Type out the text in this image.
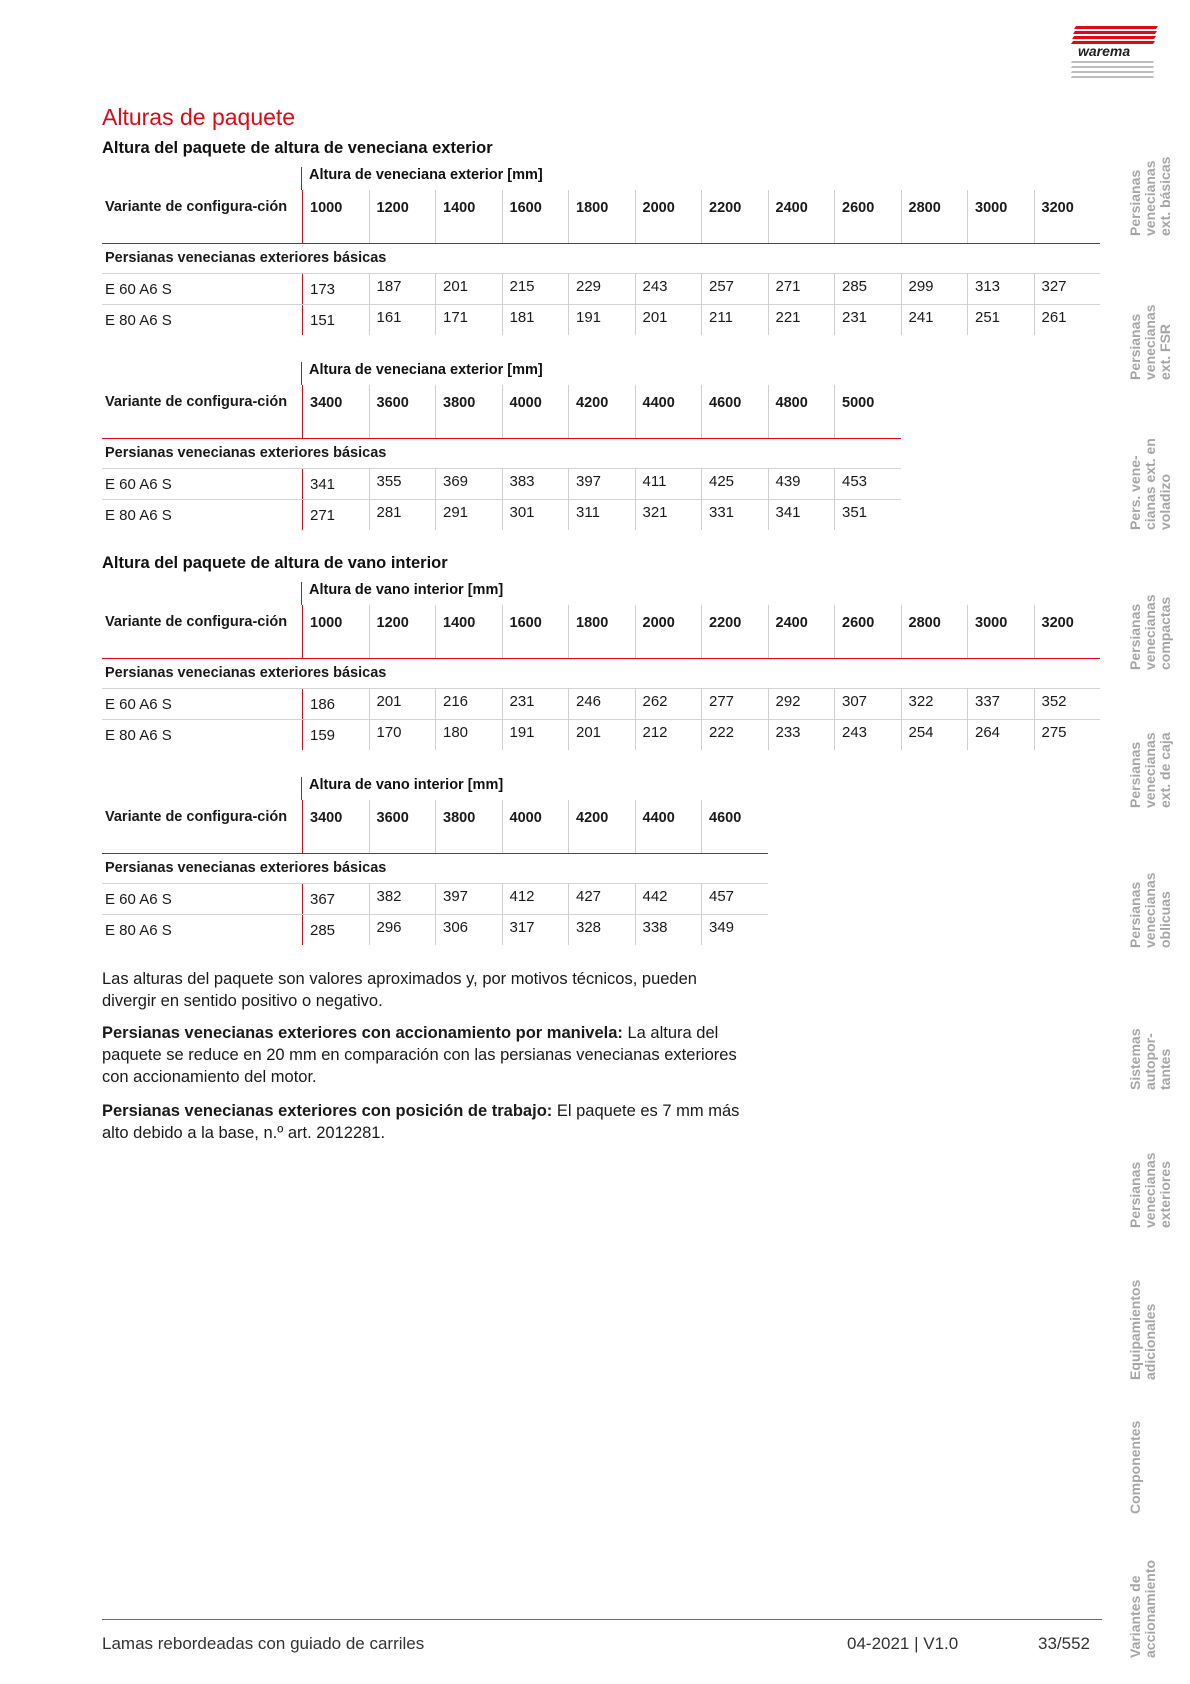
warema
Alturas de paquete
Altura del paquete de altura de veneciana exterior
Altura de veneciana exterior [mm]
Variante de configura-ción	1000	1200	1400	1600	1800	2000	2200	2400	2600	2800	3000	3200
Persianas venecianas exteriores básicas
E 60 A6 S	173	187	201	215	229	243	257	271	285	299	313	327
E 80 A6 S	151	161	171	181	191	201	211	221	231	241	251	261
Altura de veneciana exterior [mm]
Variante de configura-ción	3400	3600	3800	4000	4200	4400	4600	4800	5000
Persianas venecianas exteriores básicas
E 60 A6 S	341	355	369	383	397	411	425	439	453
E 80 A6 S	271	281	291	301	311	321	331	341	351
Altura del paquete de altura de vano interior
Altura de vano interior [mm]
Variante de configura-ción	1000	1200	1400	1600	1800	2000	2200	2400	2600	2800	3000	3200
Persianas venecianas exteriores básicas
E 60 A6 S	186	201	216	231	246	262	277	292	307	322	337	352
E 80 A6 S	159	170	180	191	201	212	222	233	243	254	264	275
Altura de vano interior [mm]
Variante de configura-ción	3400	3600	3800	4000	4200	4400	4600
Persianas venecianas exteriores básicas
E 60 A6 S	367	382	397	412	427	442	457
E 80 A6 S	285	296	306	317	328	338	349

Las alturas del paquete son valores aproximados y, por motivos técnicos, pueden divergir en sentido positivo o negativo.

Persianas venecianas exteriores con accionamiento por manivela: La altura del paquete se reduce en 20 mm en comparación con las persianas venecianas exteriores con accionamiento del motor.

Persianas venecianas exteriores con posición de trabajo: El paquete es 7 mm más alto debido a la base, n.º art. 2012281.

Persianas venecianas ext. básicas
Persianas venecianas ext. FSR
Pers. vene-cianas ext. en voladizo
Persianas venecianas compactas
Persianas venecianas ext. de caja
Persianas venecianas oblicuas
Sistemas autopor-tantes
Persianas venecianas exteriores
Equipamientos adicionales
Componentes
Variantes de accionamiento
Lamas rebordeadas con guiado de carriles	04-2021 | V1.0	33/552
